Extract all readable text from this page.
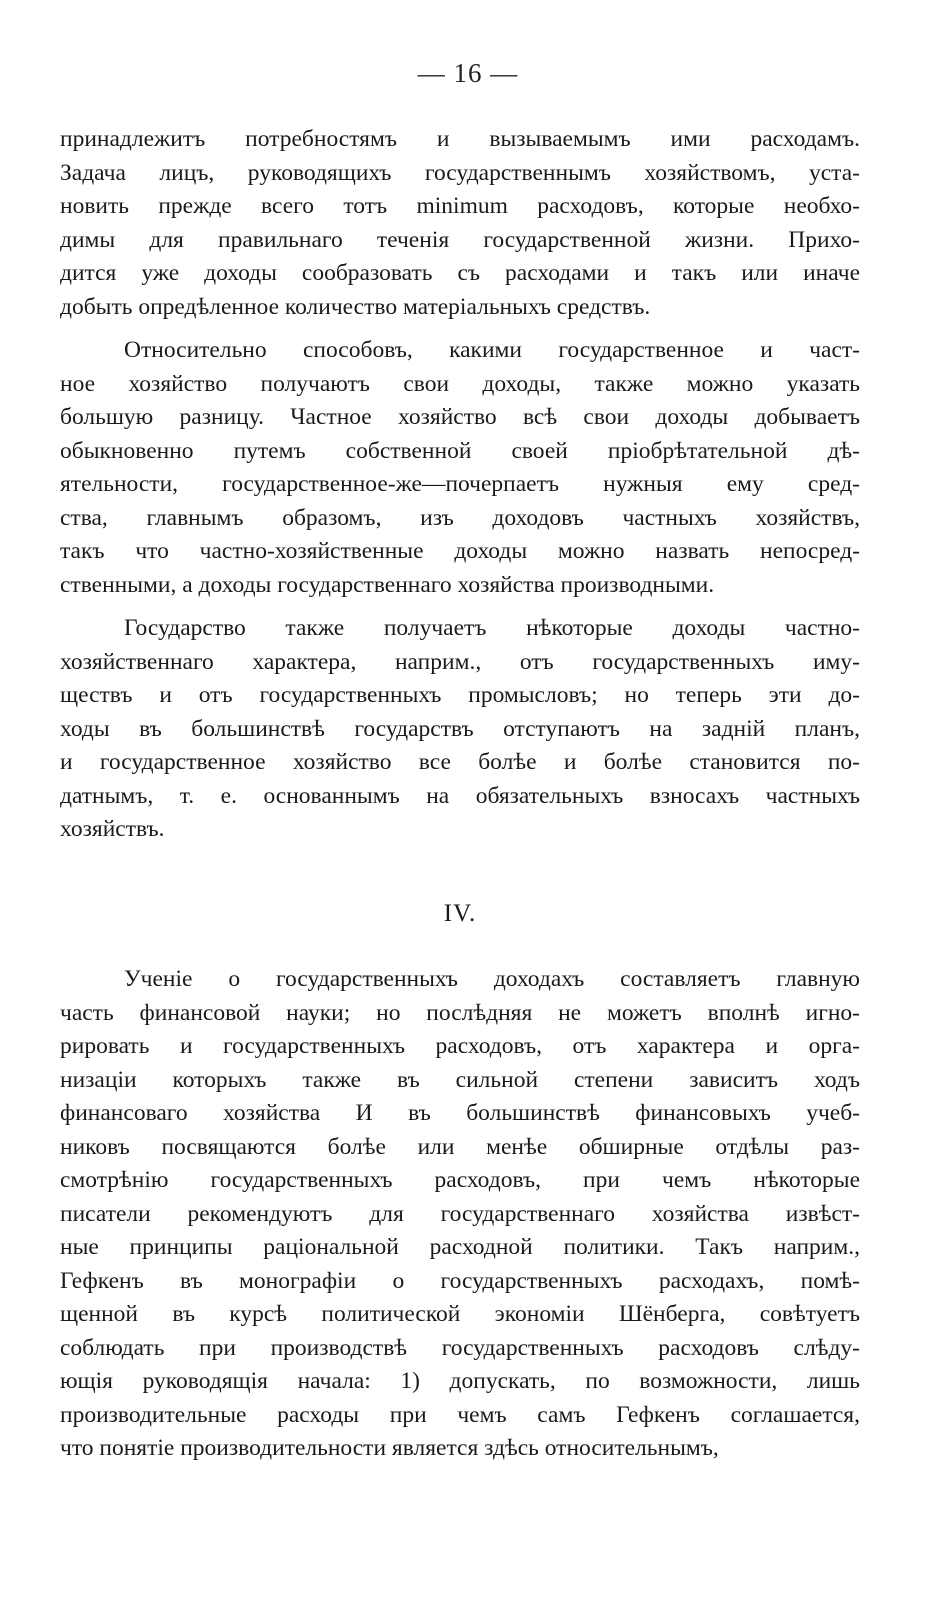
— 16 —

принадлежитъ потребностямъ и вызываемымъ ими расходамъ.
Задача лицъ, руководящихъ государственнымъ хозяйствомъ, уста-
новить прежде всего тотъ minimum расходовъ, которые необхо-
димы для правильнаго теченія государственной жизни. Прихо-
дится уже доходы сообразовать съ расходами и такъ или иначе
добыть опредѣленное количество матеріальныхъ средствъ.

Относительно способовъ, какими государственное и част-
ное хозяйство получаютъ свои доходы, также можно указать
большую разницу. Частное хозяйство всѣ свои доходы добываетъ
обыкновенно путемъ собственной своей пріобрѣтательной дѣ-
ятельности, государственное-же—почерпаетъ нужныя ему сред-
ства, главнымъ образомъ, изъ доходовъ частныхъ хозяйствъ,
такъ что частно-хозяйственные доходы можно назвать непосред-
ственными, а доходы государственнаго хозяйства производными.

Государство также получаетъ нѣкоторые доходы частно-
хозяйственнаго характера, наприм., отъ государственныхъ иму-
ществъ и отъ государственныхъ промысловъ; но теперь эти до-
ходы въ большинствѣ государствъ отступаютъ на задній планъ,
и государственное хозяйство все болѣе и болѣе становится по-
датнымъ, т. е. основаннымъ на обязательныхъ взносахъ частныхъ
хозяйствъ.

IV.

Ученіе о государственныхъ доходахъ составляетъ главную
часть финансовой науки; но послѣдняя не можетъ вполнѣ игно-
рировать и государственныхъ расходовъ, отъ характера и орга-
низаціи которыхъ также въ сильной степени зависитъ ходъ
финансоваго хозяйства И въ большинствѣ финансовыхъ учеб-
никовъ посвящаются болѣе или менѣе обширные отдѣлы раз-
смотрѣнію государственныхъ расходовъ, при чемъ нѣкоторые
писатели рекомендуютъ для государственнаго хозяйства извѣст-
ные принципы раціональной расходной политики. Такъ наприм.,
Гефкенъ въ монографіи о государственныхъ расходахъ, помѣ-
щенной въ курсѣ политической экономіи Шёнберга, совѣтуетъ
соблюдать при производствѣ государственныхъ расходовъ слѣду-
ющія руководящія начала: 1) допускать, по возможности, лишь
производительные расходы при чемъ самъ Гефкенъ соглашается,
что понятіе производительности является здѣсь относительнымъ,
